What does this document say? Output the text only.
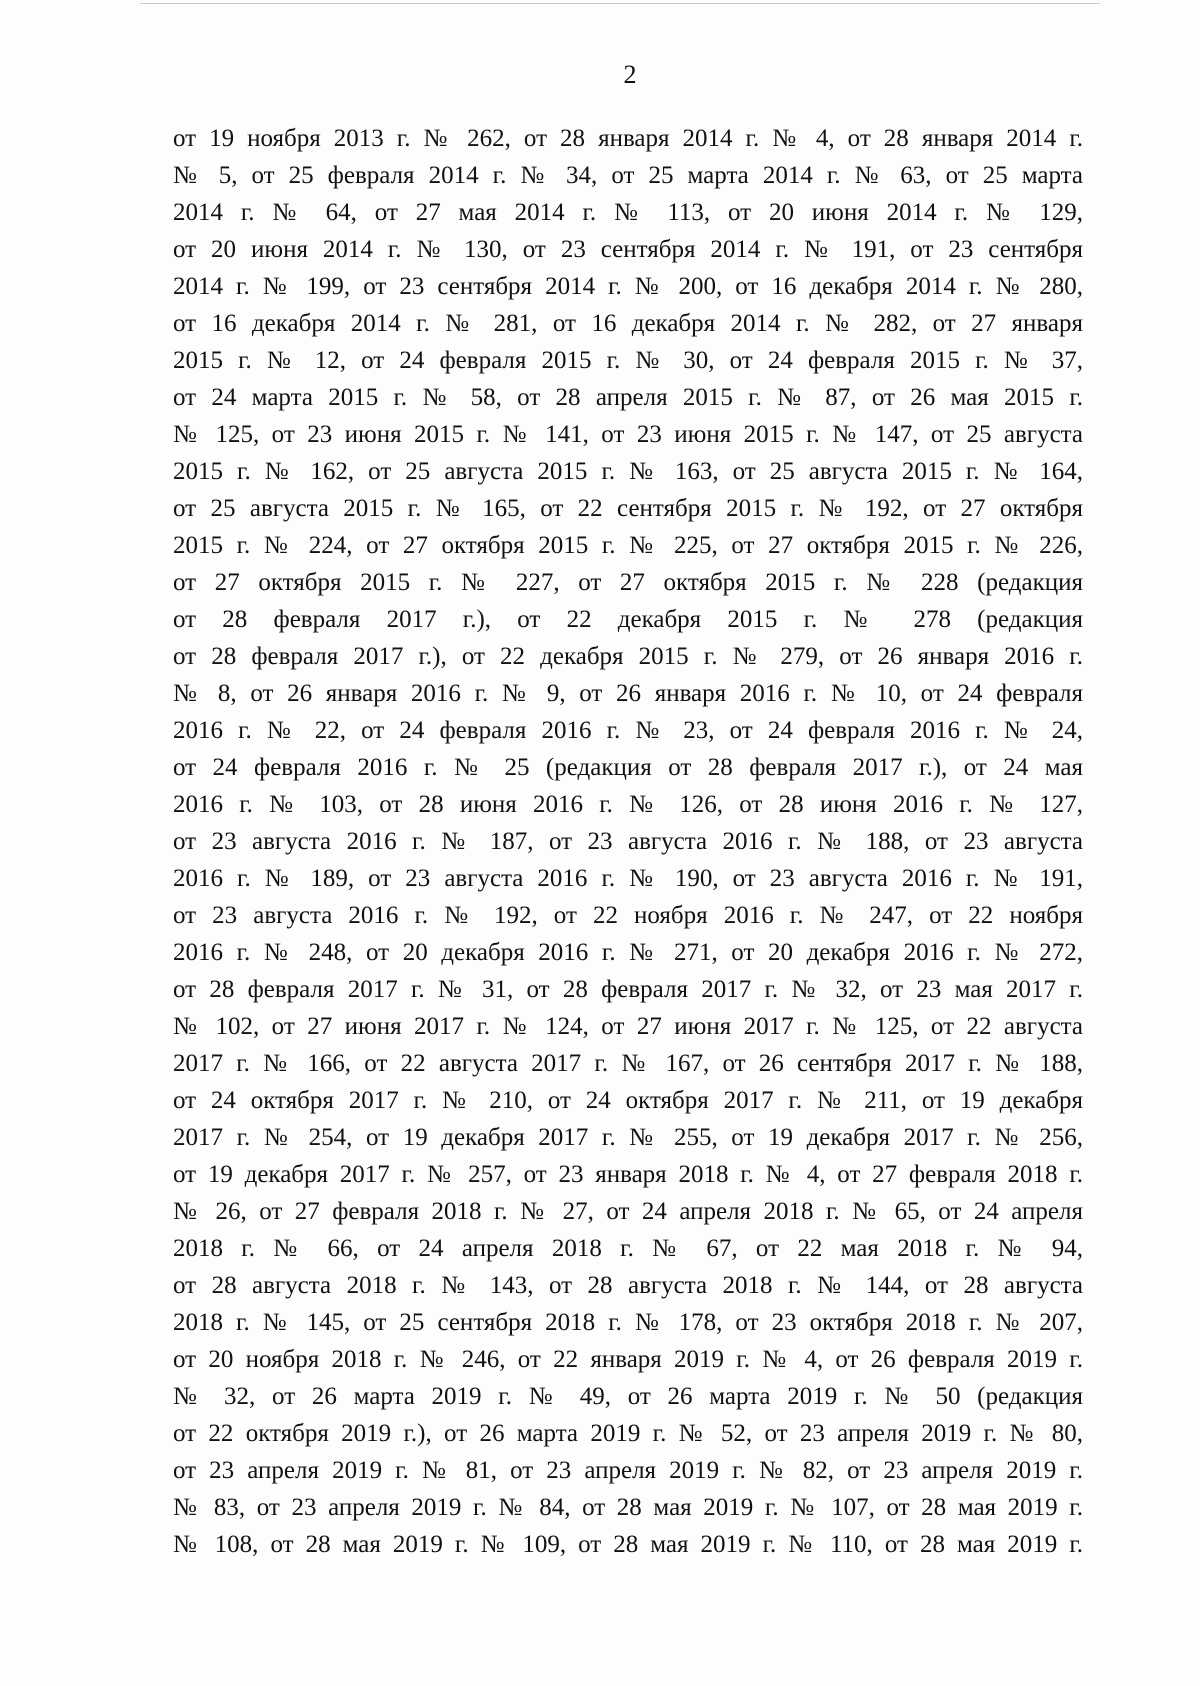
2
от 19 ноября 2013 г. № 262, от 28 января 2014 г. № 4, от 28 января 2014 г.
№ 5, от 25 февраля 2014 г. № 34, от 25 марта 2014 г. № 63, от 25 марта
2014 г. № 64, от 27 мая 2014 г. № 113, от 20 июня 2014 г. № 129,
от 20 июня 2014 г. № 130, от 23 сентября 2014 г. № 191, от 23 сентября
2014 г. № 199, от 23 сентября 2014 г. № 200, от 16 декабря 2014 г. № 280,
от 16 декабря 2014 г. № 281, от 16 декабря 2014 г. № 282, от 27 января
2015 г. № 12, от 24 февраля 2015 г. № 30, от 24 февраля 2015 г. № 37,
от 24 марта 2015 г. № 58, от 28 апреля 2015 г. № 87, от 26 мая 2015 г.
№ 125, от 23 июня 2015 г. № 141, от 23 июня 2015 г. № 147, от 25 августа
2015 г. № 162, от 25 августа 2015 г. № 163, от 25 августа 2015 г. № 164,
от 25 августа 2015 г. № 165, от 22 сентября 2015 г. № 192, от 27 октября
2015 г. № 224, от 27 октября 2015 г. № 225, от 27 октября 2015 г. № 226,
от 27 октября 2015 г. № 227, от 27 октября 2015 г. № 228 (редакция
от 28 февраля 2017 г.), от 22 декабря 2015 г. № 278 (редакция
от 28 февраля 2017 г.), от 22 декабря 2015 г. № 279, от 26 января 2016 г.
№ 8, от 26 января 2016 г. № 9, от 26 января 2016 г. № 10, от 24 февраля
2016 г. № 22, от 24 февраля 2016 г. № 23, от 24 февраля 2016 г. № 24,
от 24 февраля 2016 г. № 25 (редакция от 28 февраля 2017 г.), от 24 мая
2016 г. № 103, от 28 июня 2016 г. № 126, от 28 июня 2016 г. № 127,
от 23 августа 2016 г. № 187, от 23 августа 2016 г. № 188, от 23 августа
2016 г. № 189, от 23 августа 2016 г. № 190, от 23 августа 2016 г. № 191,
от 23 августа 2016 г. № 192, от 22 ноября 2016 г. № 247, от 22 ноября
2016 г. № 248, от 20 декабря 2016 г. № 271, от 20 декабря 2016 г. № 272,
от 28 февраля 2017 г. № 31, от 28 февраля 2017 г. № 32, от 23 мая 2017 г.
№ 102, от 27 июня 2017 г. № 124, от 27 июня 2017 г. № 125, от 22 августа
2017 г. № 166, от 22 августа 2017 г. № 167, от 26 сентября 2017 г. № 188,
от 24 октября 2017 г. № 210, от 24 октября 2017 г. № 211, от 19 декабря
2017 г. № 254, от 19 декабря 2017 г. № 255, от 19 декабря 2017 г. № 256,
от 19 декабря 2017 г. № 257, от 23 января 2018 г. № 4, от 27 февраля 2018 г.
№ 26, от 27 февраля 2018 г. № 27, от 24 апреля 2018 г. № 65, от 24 апреля
2018 г. № 66, от 24 апреля 2018 г. № 67, от 22 мая 2018 г. № 94,
от 28 августа 2018 г. № 143, от 28 августа 2018 г. № 144, от 28 августа
2018 г. № 145, от 25 сентября 2018 г. № 178, от 23 октября 2018 г. № 207,
от 20 ноября 2018 г. № 246, от 22 января 2019 г. № 4, от 26 февраля 2019 г.
№ 32, от 26 марта 2019 г. № 49, от 26 марта 2019 г. № 50 (редакция
от 22 октября 2019 г.), от 26 марта 2019 г. № 52, от 23 апреля 2019 г. № 80,
от 23 апреля 2019 г. № 81, от 23 апреля 2019 г. № 82, от 23 апреля 2019 г.
№ 83, от 23 апреля 2019 г. № 84, от 28 мая 2019 г. № 107, от 28 мая 2019 г.
№ 108, от 28 мая 2019 г. № 109, от 28 мая 2019 г. № 110, от 28 мая 2019 г.
